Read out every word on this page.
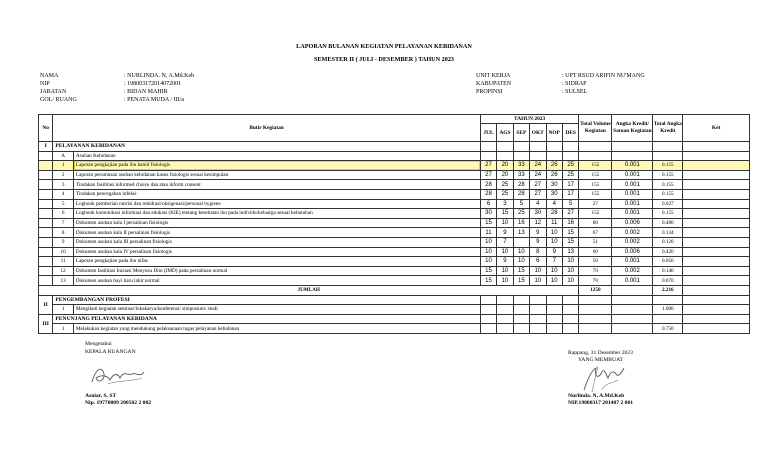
LAPORAN BULANAN KEGIATAN PELAYANAN KEBIDANAN
SEMESTER II ( JULI - DESEMBER ) TAHUN 2023
NAMA	: NURLINDA. N, A.Md.Keb
NIP	: 198003172014072001
JABATAN	: BIDAN MAHIR
GOL/ RUANG	: PENATA MUDA / III/a
UNIT KERJA	: UPT RSUD ARIFIN NU'MANG
KABUPATEN	: SIDRAP
PROPINSI	: SULSEL
No	Butir Kegiatan		TAHUN 2023						Total Volume Kegiatan	Angka Kredit/ Satuan Kegiatan	Total Angka Kredit	Ket
			JUL	AGS	SEP	OKT	NOP	DES				
I	PELAYANAN KEBIDANAN											
	A	Asuhan Kebidanan										
	1	Laporan pengkajian pada ibu hamil fisiologis	27	20	33	24	26	25	155	0.001	0.155	
	2	Laporan perumusan asuhan kebidanan kasus fisiologis sesuai kesimpulan	27	20	33	24	26	25	155	0.001	0.155	
	3	Tindakan fasilitasi informed choice dan atau inform consent	28	25	28	27	30	17	155	0.001	0.155	
	4	Tindakan pencegahan infeksi	28	25	28	27	30	17	155	0.001	0.155	
	5	Logbook pemberian nutrisi dan rehidrasi/oksigenasi/personal hygiene	6	3	5	4	4	5	27	0.001	0.027	
	6	Logbook komunikasi informasi dan edukasi (KIE) tentang kesehatan ibu pada individu/keluarga sesuai kebutuhan	30	15	25	30	28	27	155	0.001	0.155	
	7	Dokumen asuhan kala I persalinan fisiologis	15	10	16	12	11	16	80	0.006	0.480	
	8	Dokumen asuhan kala II persalinan fisiologis	11	9	13	9	10	15	67	0.002	0.134	
	9	Dokumen asuhan kala III persalinan fisiologis	10	7		9	10	15	51	0.002	0.120	
	10	Dokumen asuhan kala IV persalinan fisiologis	10	10	10	8	9	13	60	0.006	0.420	
	11	Laporan pengkajian pada ibu nifas	10	9	10	6	7	10	50	0.001	0.050	
	12	Dokumen fasilitasi Inisiasi Menyusu Dini (IMD) pada persalinan normal	15	10	15	10	10	10	70	0.002	0.140	
	13	Dokumen asuhan bayi baru lahir normal	15	10	15	10	10	10	70	0.001	0.070	
JUMLAH									1250		2.216	
II	PENGEMBANGAN PROFESI											
	1	Mengikuti kegiatan seminar/lokakarya/konferensi/ simposium/ studi									1.000	
III	PENUNJANG PELAYANAN KEBIDANA											
	1	Melakukan kegiatan yang mendukung pelaksanaan tugas pelayanan kebidanan									0.750	
Mengetahui
KEPALA RUANGAN
Asniar, S. ST
Nip. 19770809 200502 2 002
Rappang, 31 Desember 2023
YANG MEMBUAT
Nurlinda. N, A.Md.Keb
NIP.19800317 201407 2 001
